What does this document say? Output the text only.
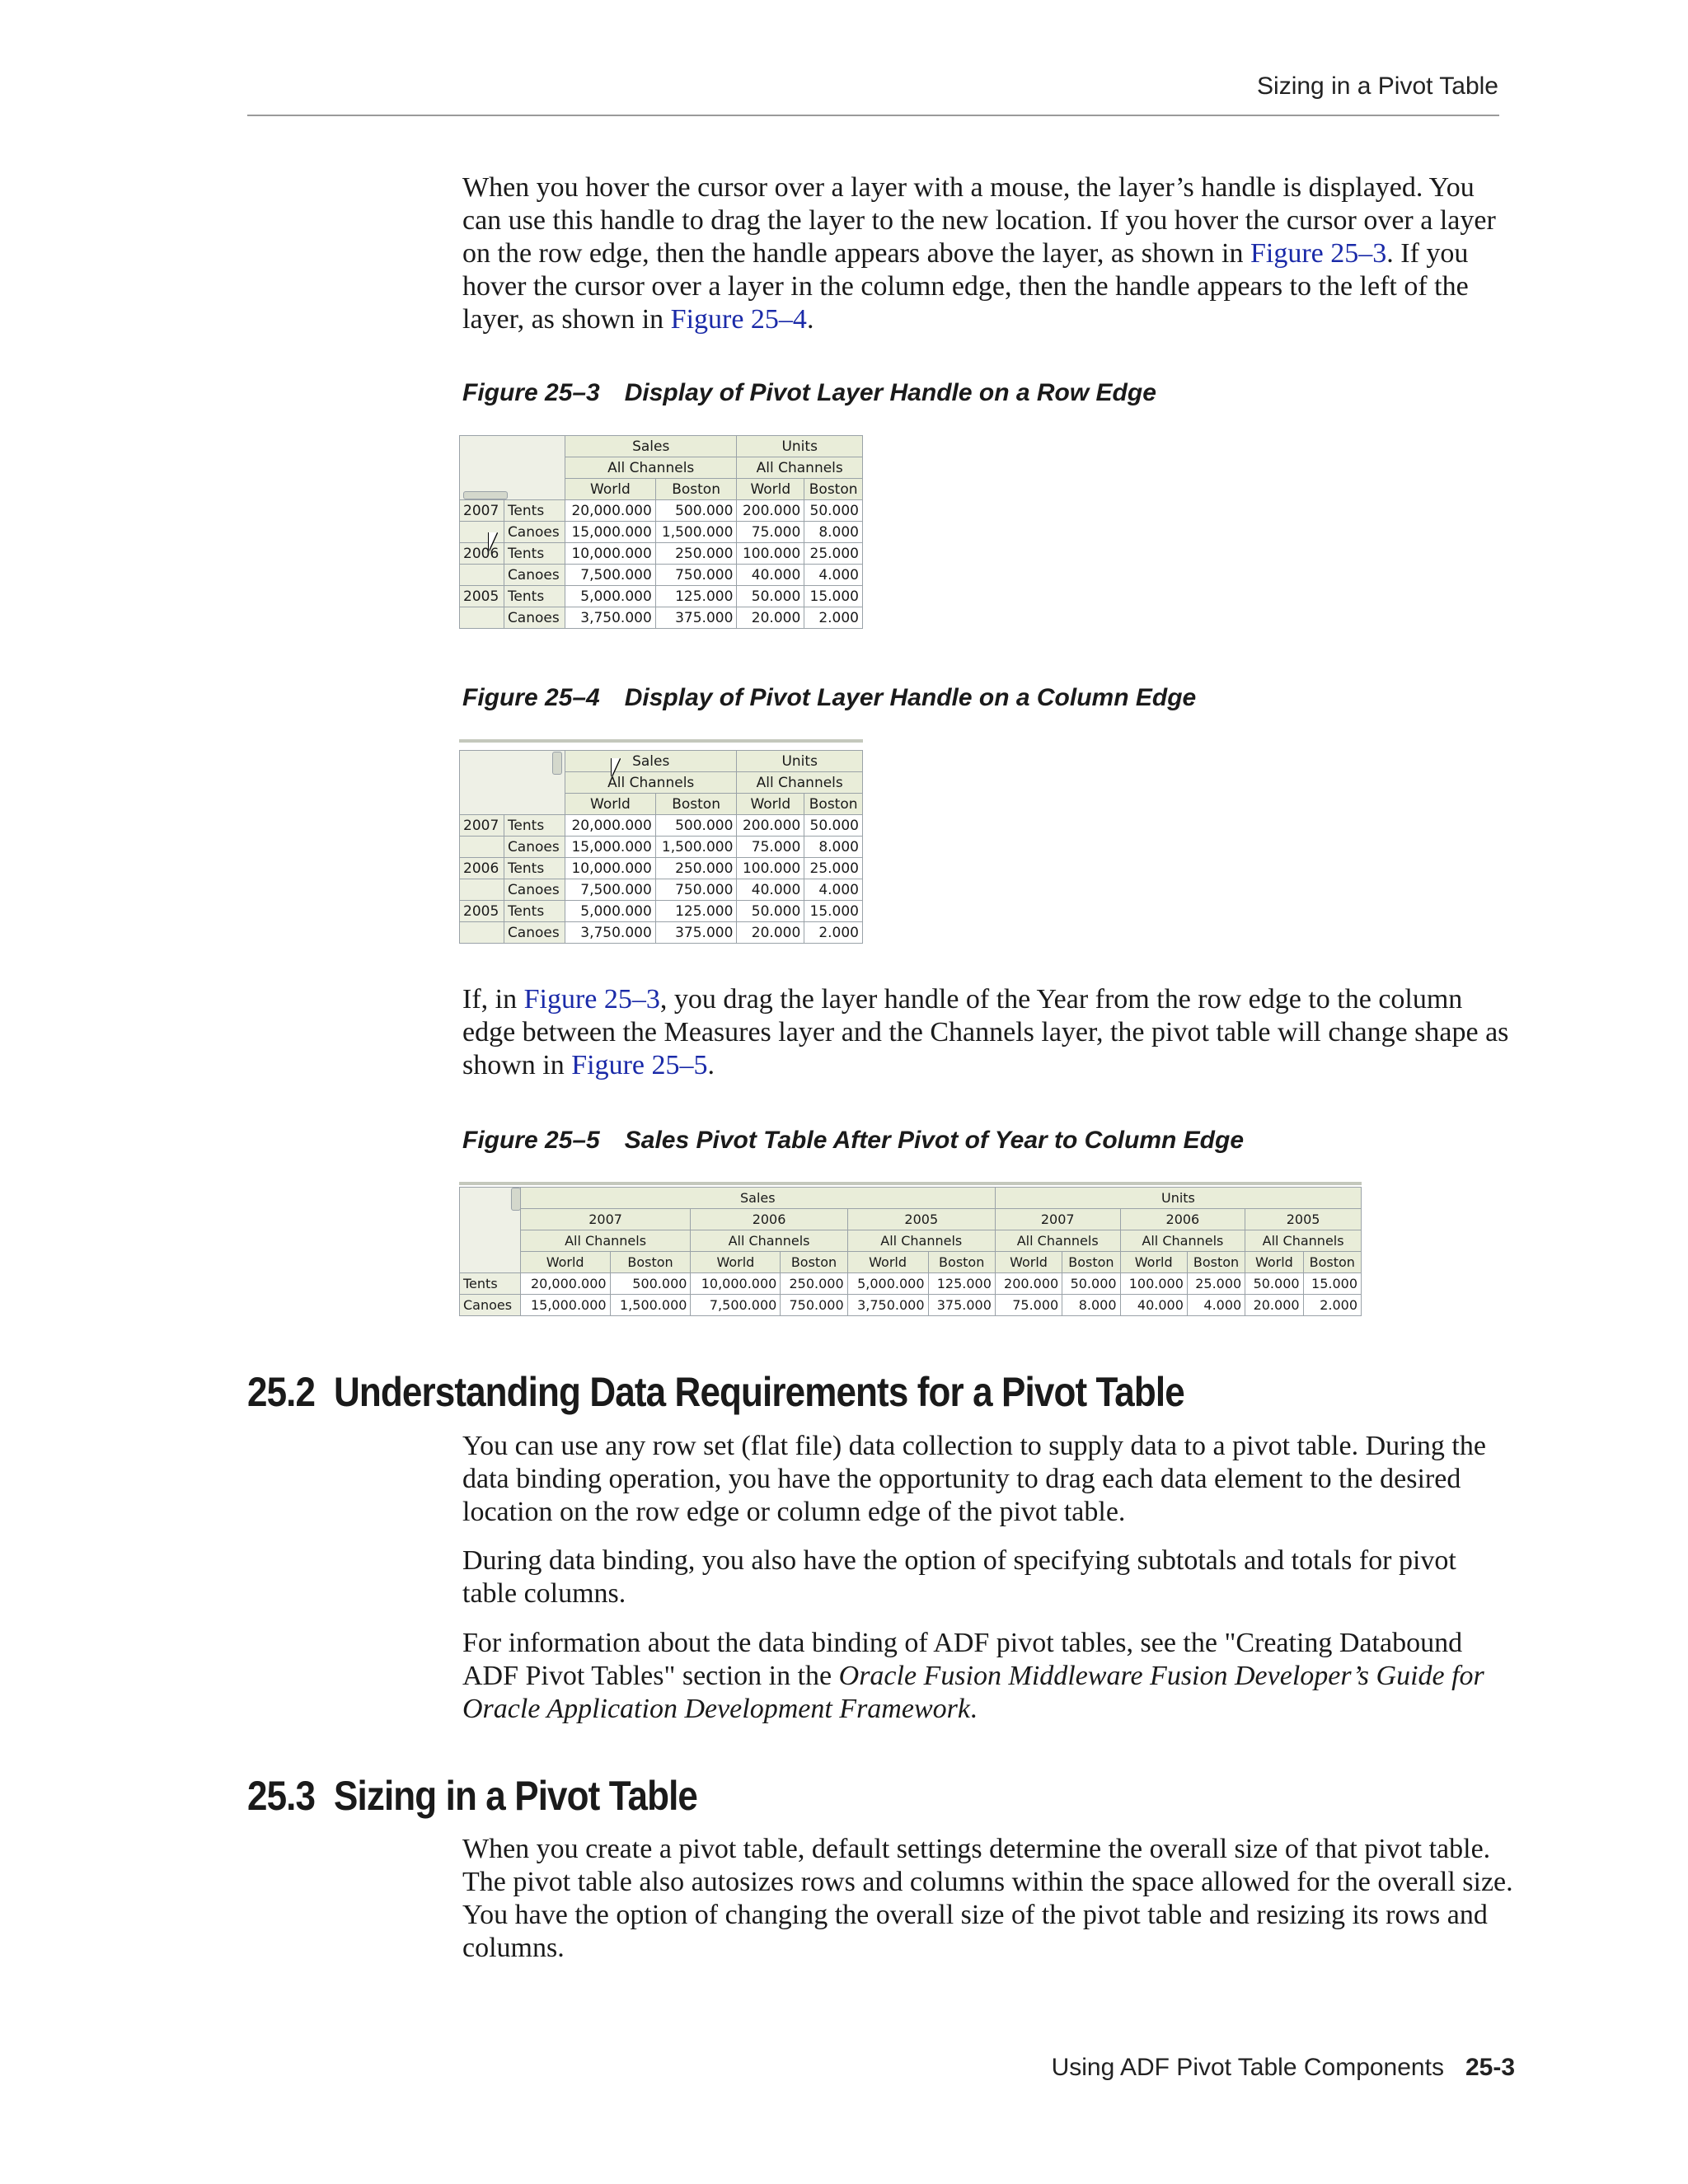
Sizing in a Pivot Table

When you hover the cursor over a layer with a mouse, the layer’s handle is displayed. You can use this handle to drag the layer to the new location. If you hover the cursor over a layer on the row edge, then the handle appears above the layer, as shown in Figure 25–3. If you hover the cursor over a layer in the column edge, then the handle appears to the left of the layer, as shown in Figure 25–4.

Figure 25–3 Display of Pivot Layer Handle on a Row Edge
		Sales		Units	
		All Channels		All Channels	
		World	Boston	World	Boston
2007	Tents	20,000.000	500.000	200.000	50.000
	Canoes	15,000.000	1,500.000	75.000	8.000
2006	Tents	10,000.000	250.000	100.000	25.000
	Canoes	7,500.000	750.000	40.000	4.000
2005	Tents	5,000.000	125.000	50.000	15.000
	Canoes	3,750.000	375.000	20.000	2.000
Figure 25–4 Display of Pivot Layer Handle on a Column Edge
		Sales		Units	
		All Channels		All Channels	
		World	Boston	World	Boston
2007	Tents	20,000.000	500.000	200.000	50.000
	Canoes	15,000.000	1,500.000	75.000	8.000
2006	Tents	10,000.000	250.000	100.000	25.000
	Canoes	7,500.000	750.000	40.000	4.000
2005	Tents	5,000.000	125.000	50.000	15.000
	Canoes	3,750.000	375.000	20.000	2.000

If, in Figure 25–3, you drag the layer handle of the Year from the row edge to the column edge between the Measures layer and the Channels layer, the pivot table will change shape as shown in Figure 25–5.

Figure 25–5 Sales Pivot Table After Pivot of Year to Column Edge
	Sales						Units					
	2007		2006		2005		2007		2006		2005	
	All Channels		All Channels		All Channels		All Channels		All Channels		All Channels	
	World	Boston	World	Boston	World	Boston	World	Boston	World	Boston	World	Boston
Tents	20,000.000	500.000	10,000.000	250.000	5,000.000	125.000	200.000	50.000	100.000	25.000	50.000	15.000
Canoes	15,000.000	1,500.000	7,500.000	750.000	3,750.000	375.000	75.000	8.000	40.000	4.000	20.000	2.000
25.2 Understanding Data Requirements for a Pivot Table

You can use any row set (flat file) data collection to supply data to a pivot table. During the data binding operation, you have the opportunity to drag each data element to the desired location on the row edge or column edge of the pivot table.

During data binding, you also have the option of specifying subtotals and totals for pivot table columns.

For information about the data binding of ADF pivot tables, see the "Creating Databound ADF Pivot Tables" section in the Oracle Fusion Middleware Fusion Developer’s Guide for Oracle Application Development Framework.

25.3 Sizing in a Pivot Table

When you create a pivot table, default settings determine the overall size of that pivot table. The pivot table also autosizes rows and columns within the space allowed for the overall size. You have the option of changing the overall size of the pivot table and resizing its rows and columns.

Using ADF Pivot Table Components 25-3
